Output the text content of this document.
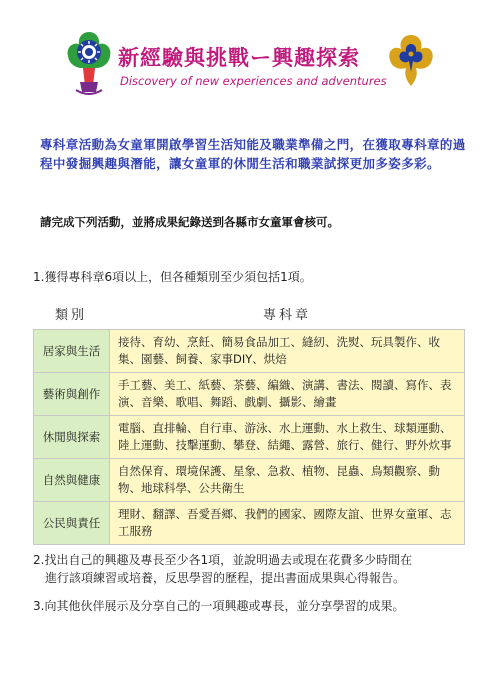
新經驗與挑戰ー興趣探索
Discovery of new experiences and adventures
專科章活動為女童軍開啟學習生活知能及職業準備之門，在獲取專科章的過程中發掘興趣與潛能，讓女童軍的休閒生活和職業試探更加多姿多彩。
請完成下列活動，並將成果紀錄送到各縣市女童軍會核可。
1.獲得專科章6項以上，但各種類別至少須包括1項。
類別	專科章
居家與生活
接待、育幼、烹飪、簡易食品加工、縫紉、洗熨、玩具製作、收集、園藝、飼養、家事DIY、烘焙
藝術與創作
手工藝、美工、紙藝、茶藝、編織、演講、書法、閱讀、寫作、表演、音樂、歌唱、舞蹈、戲劇、攝影、繪畫
休閒與探索
電腦、直排輪、自行車、游泳、水上運動、水上救生、球類運動、陸上運動、技擊運動、攀登、結繩、露營、旅行、健行、野外炊事
自然與健康
自然保育、環境保護、星象、急救、植物、昆蟲、鳥類觀察、動物、地球科學、公共衛生
公民與責任
理財、翻譯、吾愛吾鄉、我們的國家、國際友誼、世界女童軍、志工服務
2.找出自己的興趣及專長至少各1項，並說明過去或現在花費多少時間在
進行該項練習或培養，反思學習的歷程，提出書面成果與心得報告。
3.向其他伙伴展示及分享自己的一項興趣或專長，並分享學習的成果。
